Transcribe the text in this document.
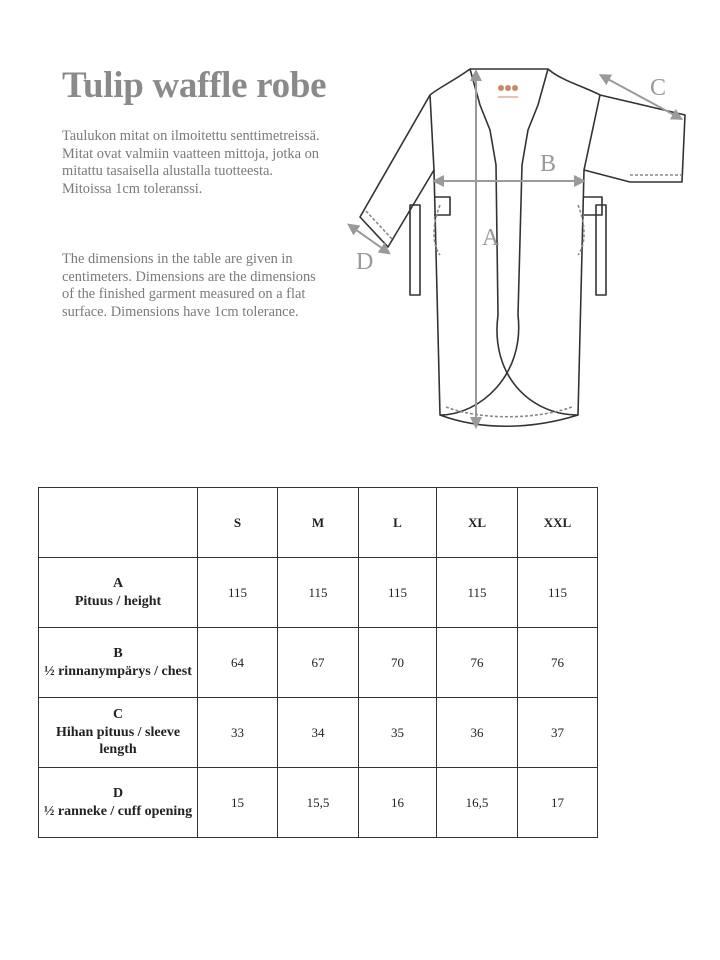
Tulip waffle robe

Taulukon mitat on ilmoitettu senttimetreissä. Mitat ovat valmiin vaatteen mittoja, jotka on mitattu tasaisella alustalla tuotteesta. Mitoissa 1cm toleranssi.

The dimensions in the table are given in centimeters. Dimensions are the dimensions of the finished garment measured on a flat surface. Dimensions have 1cm tolerance.

A
B
C
D
	S	M	L	XL	XXL
A
Pituus / height	115	115	115	115	115
B
½ rinnanympärys / chest	64	67	70	76	76
C
Hihan pituus / sleeve length	33	34	35	36	37
D
½ ranneke / cuff opening	15	15,5	16	16,5	17
